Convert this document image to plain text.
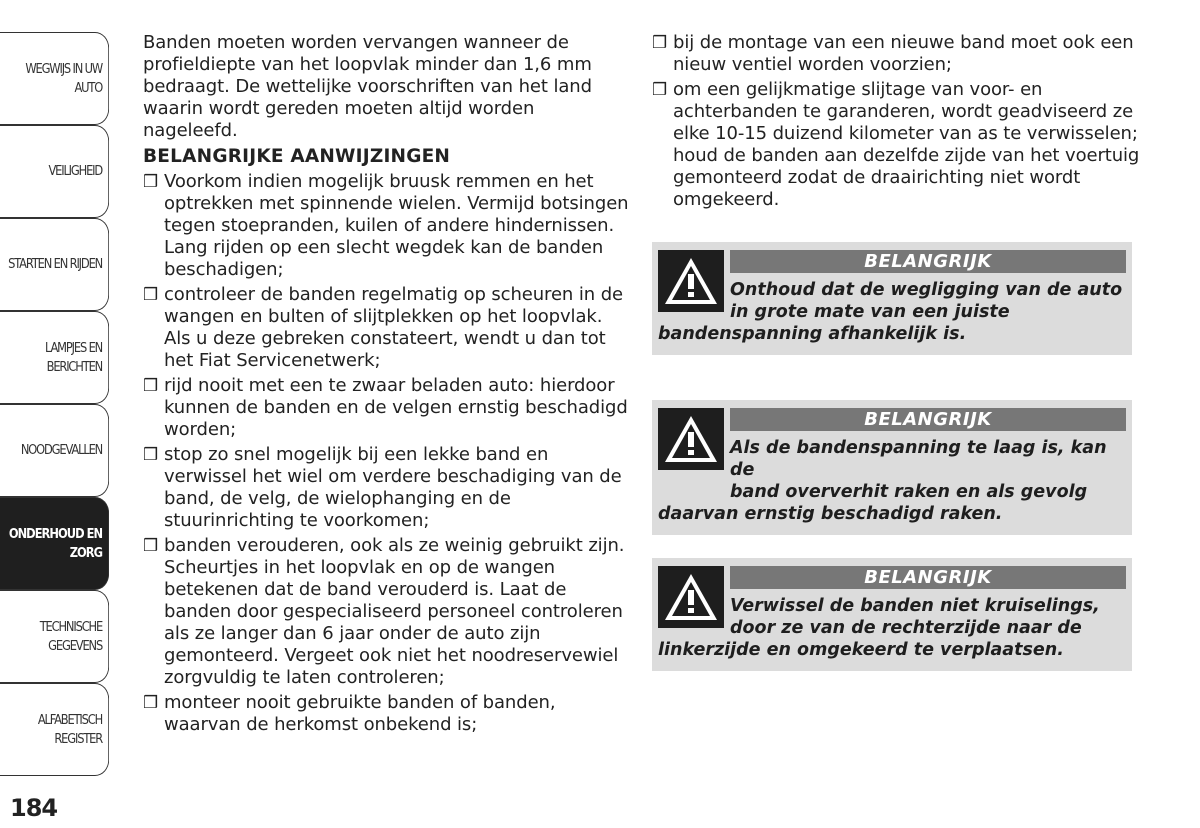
WEGWIJS IN UW
AUTO
VEILIGHEID
STARTEN EN RIJDEN
LAMPJES EN
BERICHTEN
NOODGEVALLEN
ONDERHOUD EN
ZORG
TECHNISCHE
GEGEVENS
ALFABETISCH
REGISTER
184

Banden moeten worden vervangen wanneer de profieldiepte van het loopvlak minder dan 1,6 mm bedraagt. De wettelijke voorschriften van het land waarin wordt gereden moeten altijd worden nageleefd.

BELANGRIJKE AANWIJZINGEN
❒ Voorkom indien mogelijk bruusk remmen en het optrekken met spinnende wielen. Vermijd botsingen tegen stoepranden, kuilen of andere hindernissen. Lang rijden op een slecht wegdek kan de banden beschadigen;
❒ controleer de banden regelmatig op scheuren in de wangen en bulten of slijtplekken op het loopvlak. Als u deze gebreken constateert, wendt u dan tot het Fiat Servicenetwerk;
❒ rijd nooit met een te zwaar beladen auto: hierdoor kunnen de banden en de velgen ernstig beschadigd worden;
❒ stop zo snel mogelijk bij een lekke band en verwissel het wiel om verdere beschadiging van de band, de velg, de wielophanging en de stuurinrichting te voorkomen;
❒ banden verouderen, ook als ze weinig gebruikt zijn. Scheurtjes in het loopvlak en op de wangen betekenen dat de band verouderd is. Laat de banden door gespecialiseerd personeel controleren als ze langer dan 6 jaar onder de auto zijn gemonteerd. Vergeet ook niet het noodreservewiel zorgvuldig te laten controleren;
❒ monteer nooit gebruikte banden of banden, waarvan de herkomst onbekend is;
❒ bij de montage van een nieuwe band moet ook een nieuw ventiel worden voorzien;
❒ om een gelijkmatige slijtage van voor- en achterbanden te garanderen, wordt geadviseerd ze elke 10-15 duizend kilometer van as te verwisselen; houd de banden aan dezelfde zijde van het voertuig gemonteerd zodat de draairichting niet wordt omgekeerd.
BELANGRIJK
Onthoud dat de wegligging van de auto
in grote mate van een juiste
bandenspanning afhankelijk is.
BELANGRIJK
Als de bandenspanning te laag is, kan de
band oververhit raken en als gevolg
daarvan ernstig beschadigd raken.
BELANGRIJK
Verwissel de banden niet kruiselings,
door ze van de rechterzijde naar de
linkerzijde en omgekeerd te verplaatsen.
